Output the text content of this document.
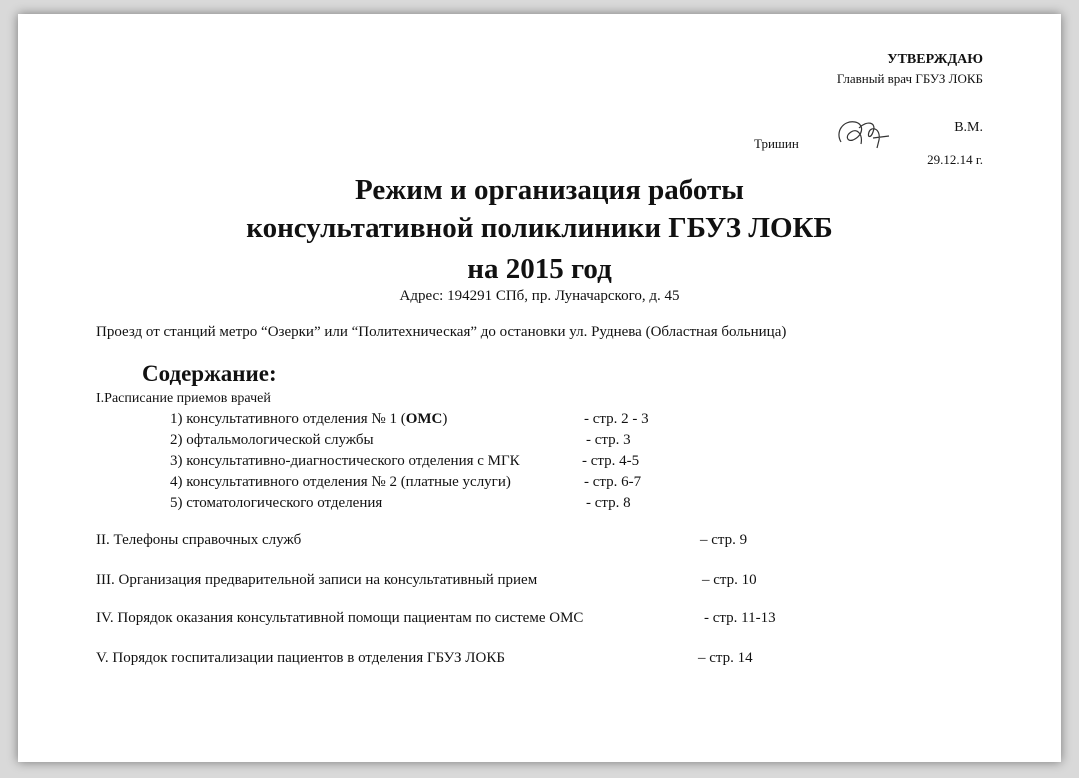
УТВЕРЖДАЮ
Главный врач ГБУЗ ЛОКБ
В.М.
Тришин
29.12.14 г.
Режим и организация работы
консультативной поликлиники ГБУЗ ЛОКБ
на 2015 год
Адрес: 194291 СПб, пр. Луначарского, д. 45
Проезд от станций метро “Озерки” или “Политехническая” до остановки ул. Руднева (Областная больница)
Содержание:
I.Расписание приемов врачей
1) консультативного отделения № 1 (ОМС)	- стр. 2 - 3
2) офтальмологической службы	- стр. 3
3) консультативно-диагностического отделения с МГК	- стр. 4-5
4) консультативного отделения № 2 (платные услуги)	- стр. 6-7
5) стоматологического отделения	- стр. 8
II. Телефоны справочных служб	– стр. 9
III. Организация предварительной записи на консультативный прием	– стр. 10
IV. Порядок оказания консультативной помощи пациентам по системе ОМС	- стр. 11-13
V. Порядок госпитализации пациентов в отделения ГБУЗ ЛОКБ	– стр. 14
